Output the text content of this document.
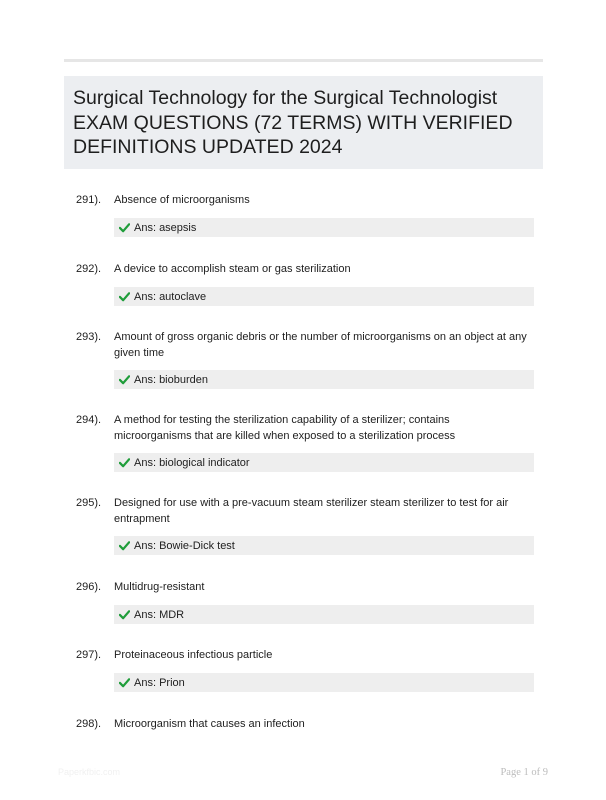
Surgical Technology for the Surgical Technologist EXAM QUESTIONS (72 TERMS) WITH VERIFIED DEFINITIONS UPDATED 2024
291). Absence of microorganisms
Ans: asepsis
292). A device to accomplish steam or gas sterilization
Ans: autoclave
293). Amount of gross organic debris or the number of microorganisms on an object at any given time
Ans: bioburden
294). A method for testing the sterilization capability of a sterilizer; contains microorganisms that are killed when exposed to a sterilization process
Ans: biological indicator
295). Designed for use with a pre-vacuum steam sterilizer steam sterilizer to test for air entrapment
Ans: Bowie-Dick test
296). Multidrug-resistant
Ans: MDR
297). Proteinaceous infectious particle
Ans: Prion
298). Microorganism that causes an infection
Paperkfbic.com	Page 1 of 9
